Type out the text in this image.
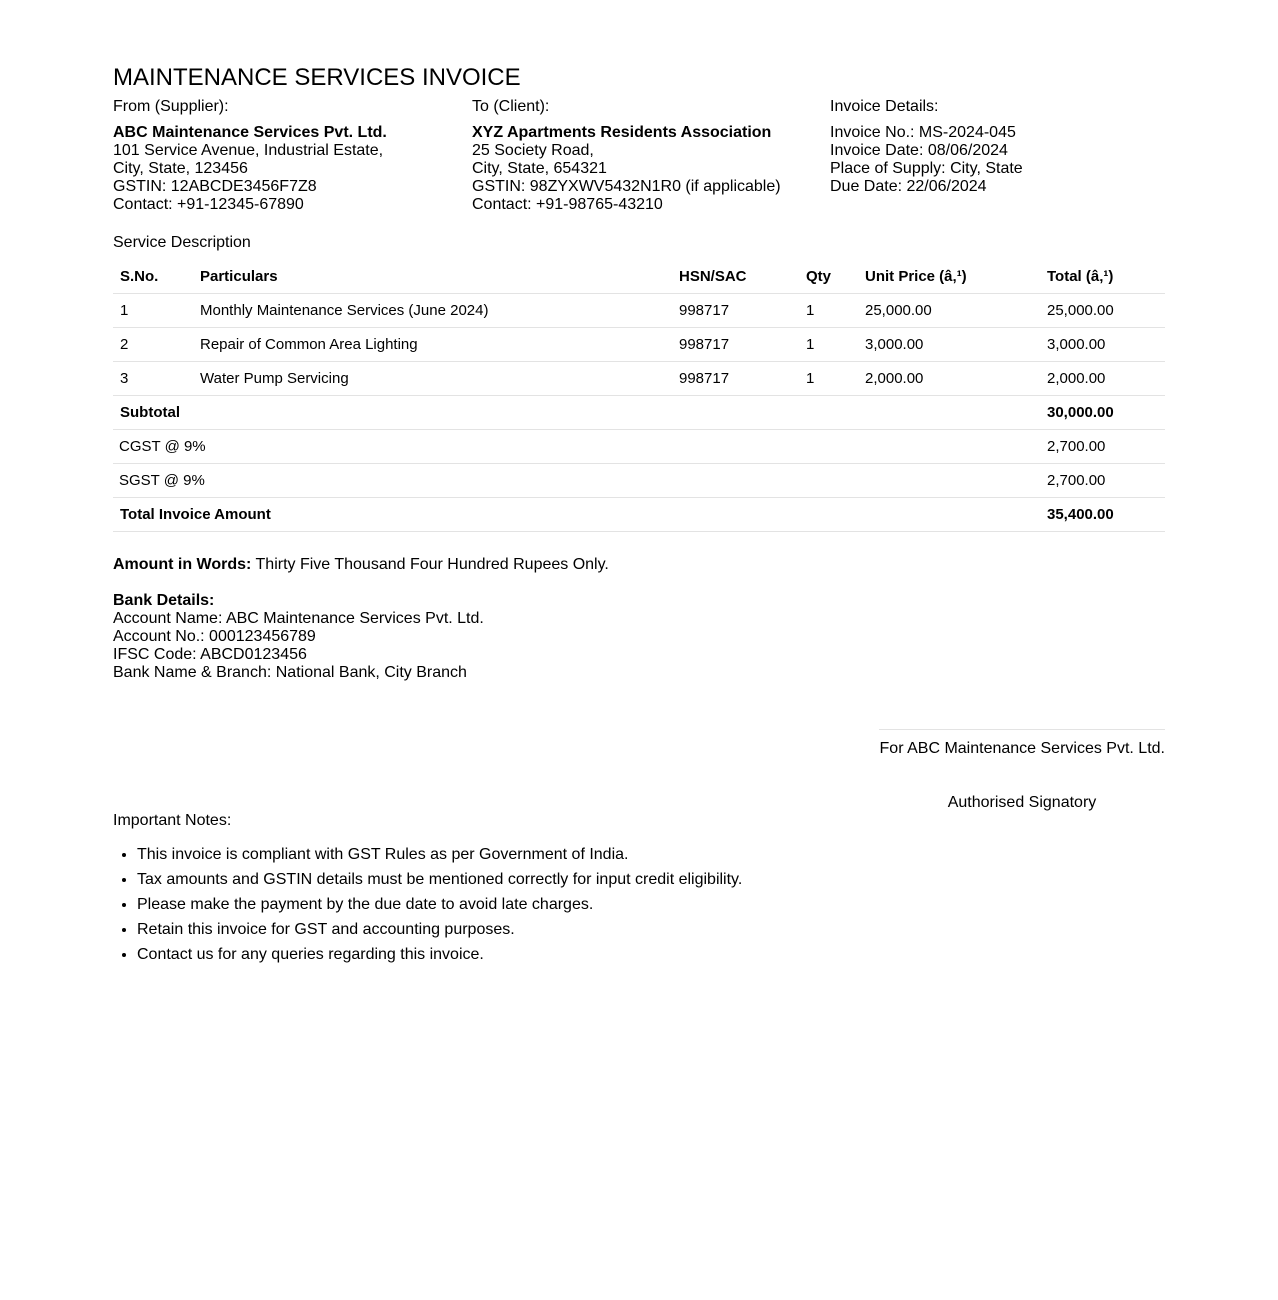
MAINTENANCE SERVICES INVOICE
From (Supplier):
ABC Maintenance Services Pvt. Ltd.
101 Service Avenue, Industrial Estate,
City, State, 123456
GSTIN: 12ABCDE3456F7Z8
Contact: +91-12345-67890
To (Client):
XYZ Apartments Residents Association
25 Society Road,
City, State, 654321
GSTIN: 98ZYXWV5432N1R0 (if applicable)
Contact: +91-98765-43210
Invoice Details:
Invoice No.: MS-2024-045
Invoice Date: 08/06/2024
Place of Supply: City, State
Due Date: 22/06/2024
Service Description
S.No.	Particulars	HSN/SAC	Qty	Unit Price (â‚¹)	Total (â‚¹)
1	Monthly Maintenance Services (June 2024)	998717	1	25,000.00	25,000.00
2	Repair of Common Area Lighting	998717	1	3,000.00	3,000.00
3	Water Pump Servicing	998717	1	2,000.00	2,000.00
Subtotal					30,000.00
CGST @ 9%					2,700.00
SGST @ 9%					2,700.00
Total Invoice Amount					35,400.00
Amount in Words: Thirty Five Thousand Four Hundred Rupees Only.
Bank Details:
Account Name: ABC Maintenance Services Pvt. Ltd.
Account No.: 000123456789
IFSC Code: ABCD0123456
Bank Name & Branch: National Bank, City Branch
For ABC Maintenance Services Pvt. Ltd.
Authorised Signatory
Important Notes:
• This invoice is compliant with GST Rules as per Government of India.
• Tax amounts and GSTIN details must be mentioned correctly for input credit eligibility.
• Please make the payment by the due date to avoid late charges.
• Retain this invoice for GST and accounting purposes.
• Contact us for any queries regarding this invoice.
